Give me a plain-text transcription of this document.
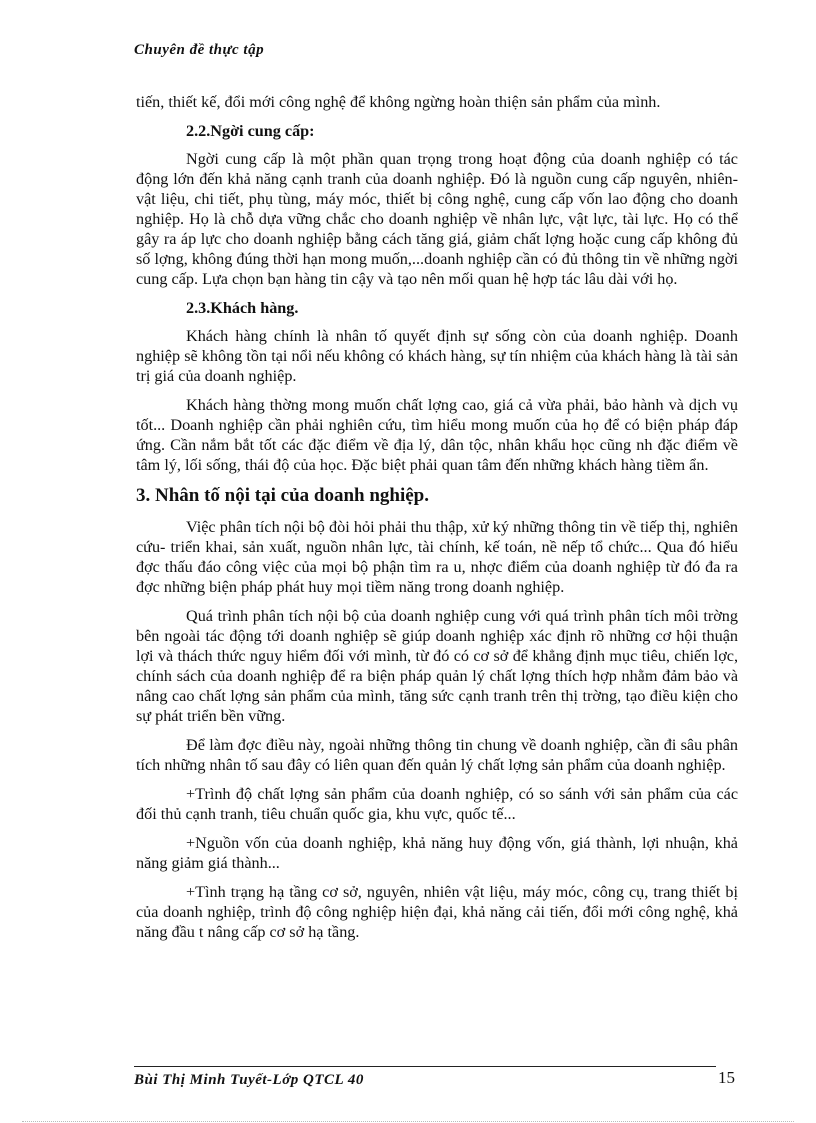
Chuyên đề thực tập

tiến, thiết kế, đổi mới công nghệ để không ngừng hoàn thiện sản phẩm của mình.

2.2.Ngời cung cấp:

Ngời cung cấp là một phần quan trọng trong hoạt động của doanh nghiệp có tác động lớn đến khả năng cạnh tranh của doanh nghiệp. Đó là nguồn cung cấp nguyên, nhiên-vật liệu, chi tiết, phụ tùng, máy móc, thiết bị công nghệ, cung cấp vốn lao động cho doanh nghiệp. Họ là chỗ dựa vững chắc cho doanh nghiệp về nhân lực, vật lực, tài lực. Họ có thể gây ra áp lực cho doanh nghiệp bằng cách tăng giá, giảm chất lợng hoặc cung cấp không đủ số lợng, không đúng thời hạn mong muốn,...doanh nghiệp cần có đủ thông tin về những ngời cung cấp. Lựa chọn bạn hàng tin cậy và tạo nên mối quan hệ hợp tác lâu dài với họ.

2.3.Khách hàng.

Khách hàng chính là nhân tố quyết định sự sống còn của doanh nghiệp. Doanh nghiệp sẽ không tồn tại nổi nếu không có khách hàng, sự tín nhiệm của khách hàng là tài sản trị giá của doanh nghiệp.

Khách hàng thờng mong muốn chất lợng cao, giá cả vừa phải, bảo hành và dịch vụ tốt... Doanh nghiệp cần phải nghiên cứu, tìm hiểu mong muốn của họ để có biện pháp đáp ứng. Cần nắm bắt tốt các đặc điểm về địa lý, dân tộc, nhân khẩu học cũng nh đặc điểm về tâm lý, lối sống, thái độ của học. Đặc biệt phải quan tâm đến những khách hàng tiềm ẩn.

3. Nhân tố nội tại của doanh nghiệp.

Việc phân tích nội bộ đòi hỏi phải thu thập, xử ký những thông tin về tiếp thị, nghiên cứu- triển khai, sản xuất, nguồn nhân lực, tài chính, kế toán, nề nếp tổ chức... Qua đó hiểu đợc thấu đáo công việc của mọi bộ phận tìm ra u, nhợc điểm của doanh nghiệp từ đó đa ra đợc những biện pháp phát huy mọi tiềm năng trong doanh nghiệp.

Quá trình phân tích nội bộ của doanh nghiệp cung với quá trình phân tích môi trờng bên ngoài tác động tới doanh nghiệp sẽ giúp doanh nghiệp xác định rõ những cơ hội thuận lợi và thách thức nguy hiểm đối với mình, từ đó có cơ sở để khẳng định mục tiêu, chiến lợc, chính sách của doanh nghiệp để ra biện pháp quản lý chất lợng thích hợp nhằm đảm bảo và nâng cao chất lợng sản phẩm của mình, tăng sức cạnh tranh trên thị trờng, tạo điều kiện cho sự phát triển bền vững.

Để làm đợc điều này, ngoài những thông tin chung về doanh nghiệp, cần đi sâu phân tích những nhân tố sau đây có liên quan đến quản lý chất lợng sản phẩm của doanh nghiệp.

+Trình độ chất lợng sản phẩm của doanh nghiệp, có so sánh với sản phẩm của các đối thủ cạnh tranh, tiêu chuẩn quốc gia, khu vực, quốc tế...

+Nguồn vốn của doanh nghiệp, khả năng huy động vốn, giá thành, lợi nhuận, khả năng giảm giá thành...

+Tình trạng hạ tầng cơ sở, nguyên, nhiên vật liệu, máy móc, công cụ, trang thiết bị của doanh nghiệp, trình độ công nghiệp hiện đại, khả năng cải tiến, đổi mới công nghệ, khả năng đầu t nâng cấp cơ sở hạ tầng.

Bùi Thị Minh Tuyết-Lớp QTCL 40	15
